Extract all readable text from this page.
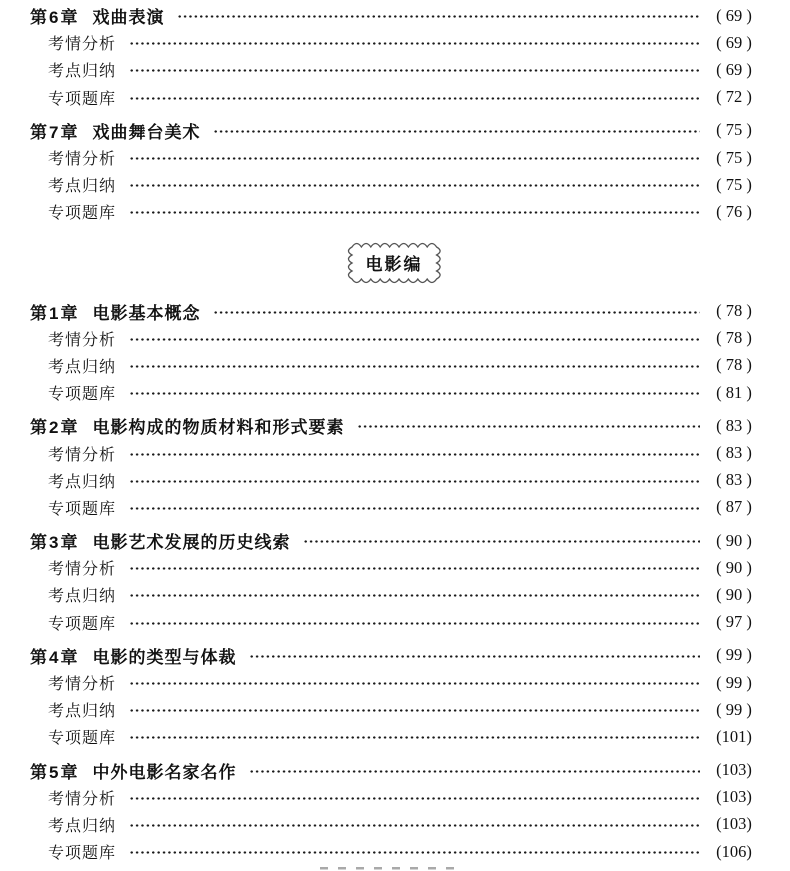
第6章 戏曲表演	( 69 )
考情分析	( 69 )
考点归纳	( 69 )
专项题库	( 72 )
第7章 戏曲舞台美术	( 75 )
考情分析	( 75 )
考点归纳	( 75 )
专项题库	( 76 )
电影编
第1章 电影基本概念	( 78 )
考情分析	( 78 )
考点归纳	( 78 )
专项题库	( 81 )
第2章 电影构成的物质材料和形式要素	( 83 )
考情分析	( 83 )
考点归纳	( 83 )
专项题库	( 87 )
第3章 电影艺术发展的历史线索	( 90 )
考情分析	( 90 )
考点归纳	( 90 )
专项题库	( 97 )
第4章 电影的类型与体裁	( 99 )
考情分析	( 99 )
考点归纳	( 99 )
专项题库	(101)
第5章 中外电影名家名作	(103)
考情分析	(103)
考点归纳	(103)
专项题库	(106)
